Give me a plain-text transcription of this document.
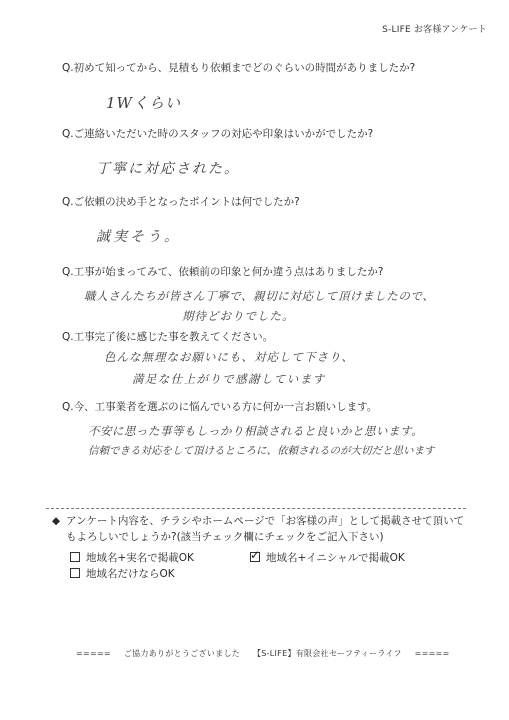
S-LIFE お客様アンケート
Q.初めて知ってから、見積もり依頼までどのぐらいの時間がありましたか?
1Wくらい
Q.ご連絡いただいた時のスタッフの対応や印象はいかがでしたか?
丁寧に対応された。
Q.ご依頼の決め手となったポイントは何でしたか?
誠実そう。
Q.工事が始まってみて、依頼前の印象と何か違う点はありましたか?
職人さんたちが皆さん丁寧で、親切に対応して頂けましたので、
期待どおりでした。
Q.工事完了後に感じた事を教えてください。
色んな無理なお願いにも、対応して下さり、
満足な仕上がりで感謝しています
Q.今、工事業者を選ぶのに悩んでいる方に何か一言お願いします。
不安に思った事等もしっかり相談されると良いかと思います。
信頼できる対応をして頂けるところに、依頼されるのが大切だと思います
◆ アンケート内容を、チラシやホームページで「お客様の声」として掲載させて頂いてもよろしいでしょうか?(該当チェック欄にチェックをご記入下さい)
地域名+実名で掲載OK	✓ 地域名+イニシャルで掲載OK
地域名だけならOK
===== ご協力ありがとうございました 【S-LIFE】有限会社セーフティーライフ =====
